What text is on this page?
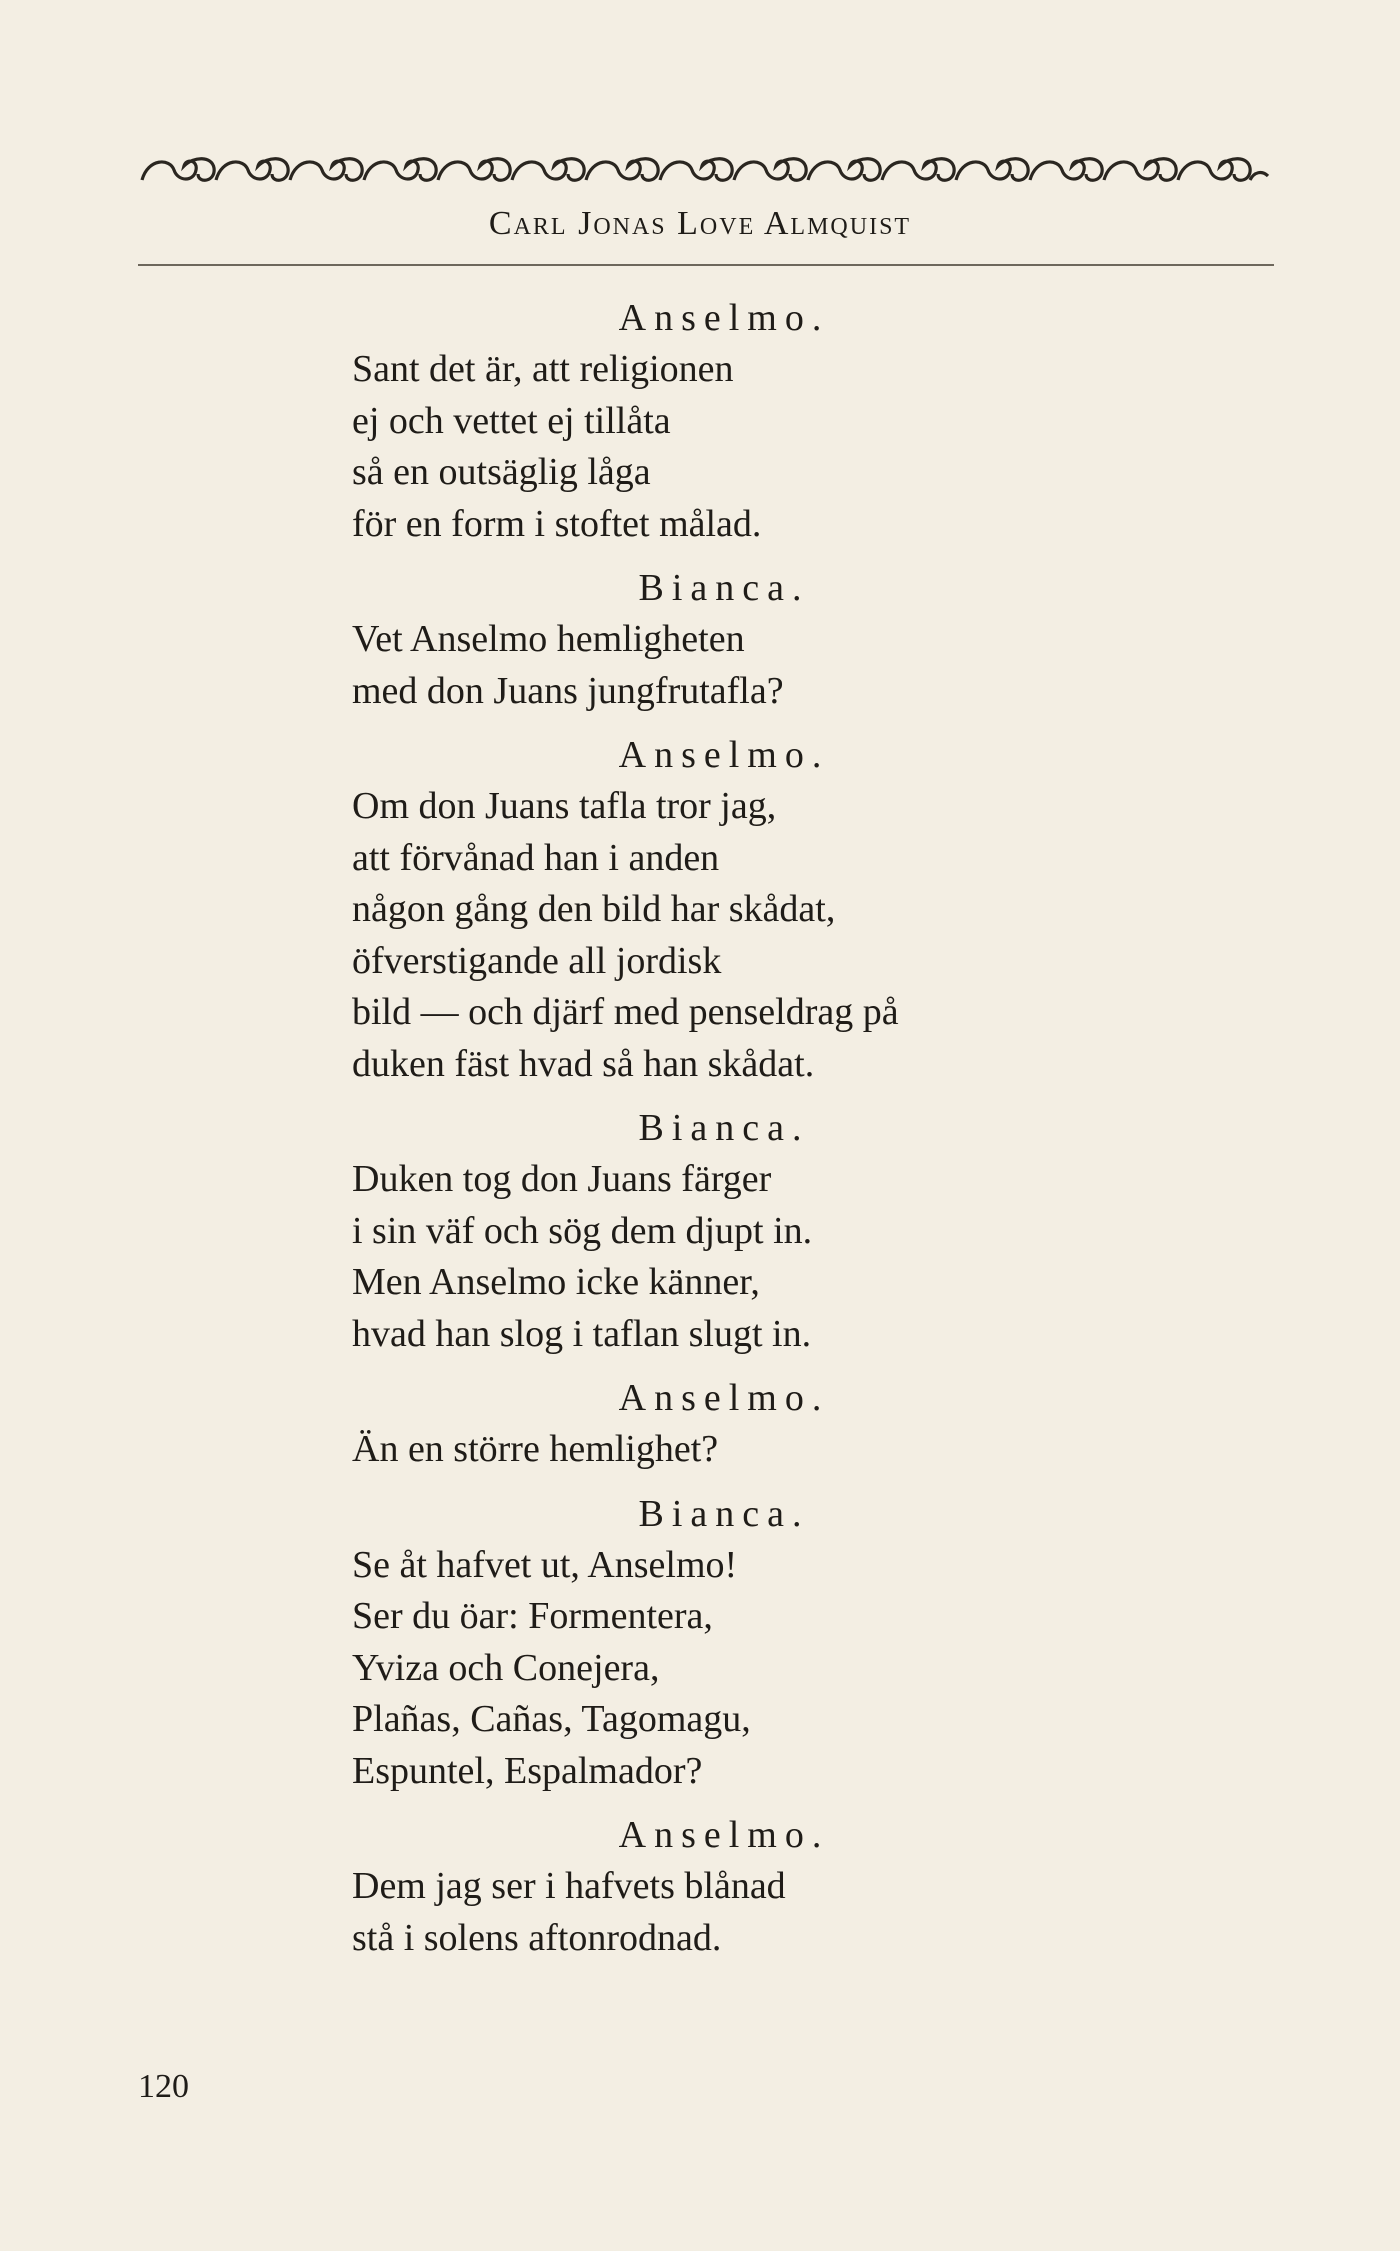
Carl Jonas Love Almquist
Anselmo.
Sant det är, att religionen
ej och vettet ej tillåta
så en outsäglig låga
för en form i stoftet målad.
Bianca.
Vet Anselmo hemligheten
med don Juans jungfrutafla?
Anselmo.
Om don Juans tafla tror jag,
att förvånad han i anden
någon gång den bild har skådat,
öfverstigande all jordisk
bild — och djärf med penseldrag på
duken fäst hvad så han skådat.
Bianca.
Duken tog don Juans färger
i sin väf och sög dem djupt in.
Men Anselmo icke känner,
hvad han slog i taflan slugt in.
Anselmo.
Än en större hemlighet?
Bianca.
Se åt hafvet ut, Anselmo!
Ser du öar: Formentera,
Yviza och Conejera,
Plañas, Cañas, Tagomagu,
Espuntel, Espalmador?
Anselmo.
Dem jag ser i hafvets blånad
stå i solens aftonrodnad.
120
